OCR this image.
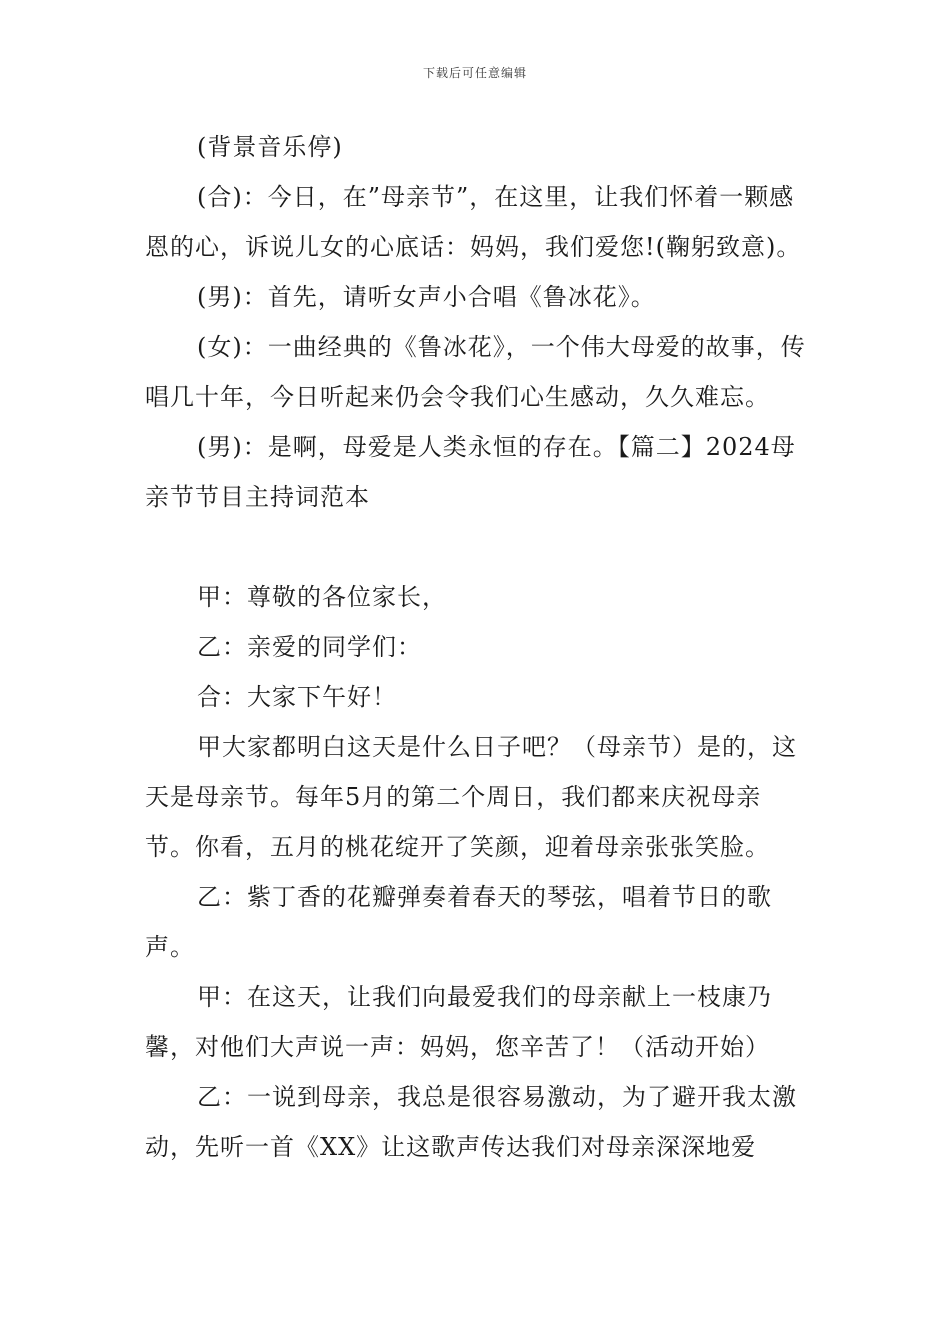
下载后可任意编辑

(背景音乐停)

(合)：今日，在”母亲节”，在这里，让我们怀着一颗感恩的心，诉说儿女的心底话：妈妈，我们爱您!(鞠躬致意)。

(男)：首先，请听女声小合唱《鲁冰花》。

(女)：一曲经典的《鲁冰花》，一个伟大母爱的故事，传唱几十年，今日听起来仍会令我们心生感动，久久难忘。

(男)：是啊，母爱是人类永恒的存在。【篇二】2024母亲节节目主持词范本

甲：尊敬的各位家长，

乙：亲爱的同学们：

合：大家下午好！

甲大家都明白这天是什么日子吧？（母亲节）是的，这天是母亲节。每年5月的第二个周日，我们都来庆祝母亲节。你看，五月的桃花绽开了笑颜，迎着母亲张张笑脸。

乙：紫丁香的花瓣弹奏着春天的琴弦，唱着节日的歌声。

甲：在这天，让我们向最爱我们的母亲献上一枝康乃馨，对他们大声说一声：妈妈，您辛苦了！（活动开始）

乙：一说到母亲，我总是很容易激动，为了避开我太激动，先听一首《XX》让这歌声传达我们对母亲深深地爱
